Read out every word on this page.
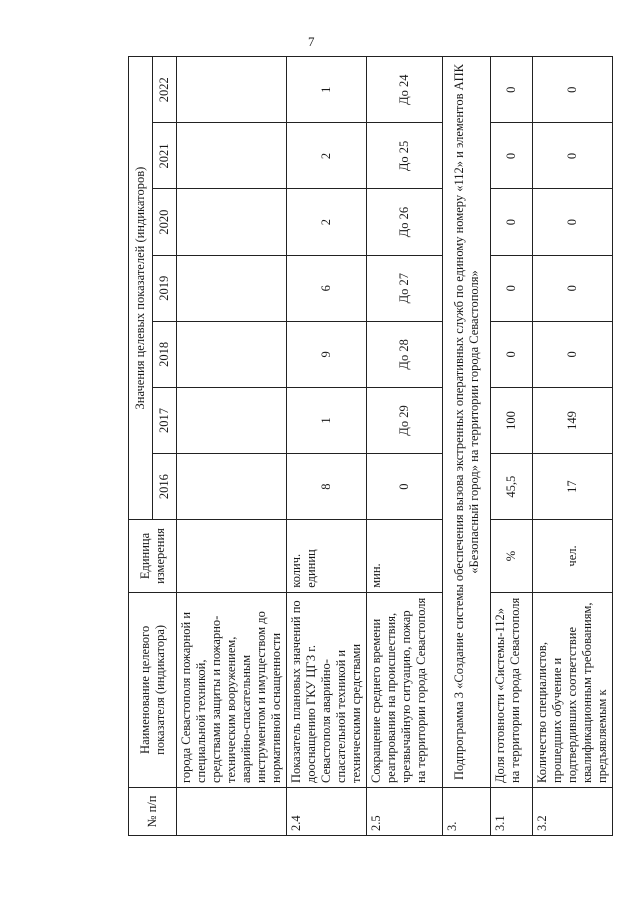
7
№ п/п	Наименование целевого показателя (индикатора)	Единица измерения	Значения целевых показателей (индикаторов)						
			2016	2017	2018	2019	2020	2021	2022
	города Севастополя пожарной и специальной техникой, средствами защиты и пожарно-техническим вооружением, аварийно-спасательным инструментом и имуществом до нормативной оснащенности								
2.4	Показатель плановых значений по дооснащению ГКУ ЦГЗ г. Севастополя аварийно-спасательной техникой и техническими средствами	колич. единиц	8	1	9	6	2	2	1
2.5	Сокращение среднего времени реагирования на происшествия, чрезвычайную ситуацию, пожар на территории города Севастополя	мин.	0	До 29	До 28	До 27	До 26	До 25	До 24
3.	Подпрограмма 3 «Создание системы обеспечения вызова экстренных оперативных служб по единому номеру «112» и элементов АПК «Безопасный город» на территории города Севастополя»								
3.1	Доля готовности «Системы-112» на территории города Севастополя	%	45,5	100	0	0	0	0	0
3.2	Количество специалистов, прошедших обучение и подтвердивших соответствие квалификационным требованиям, предъявляемым к	чел.	17	149	0	0	0	0	0
